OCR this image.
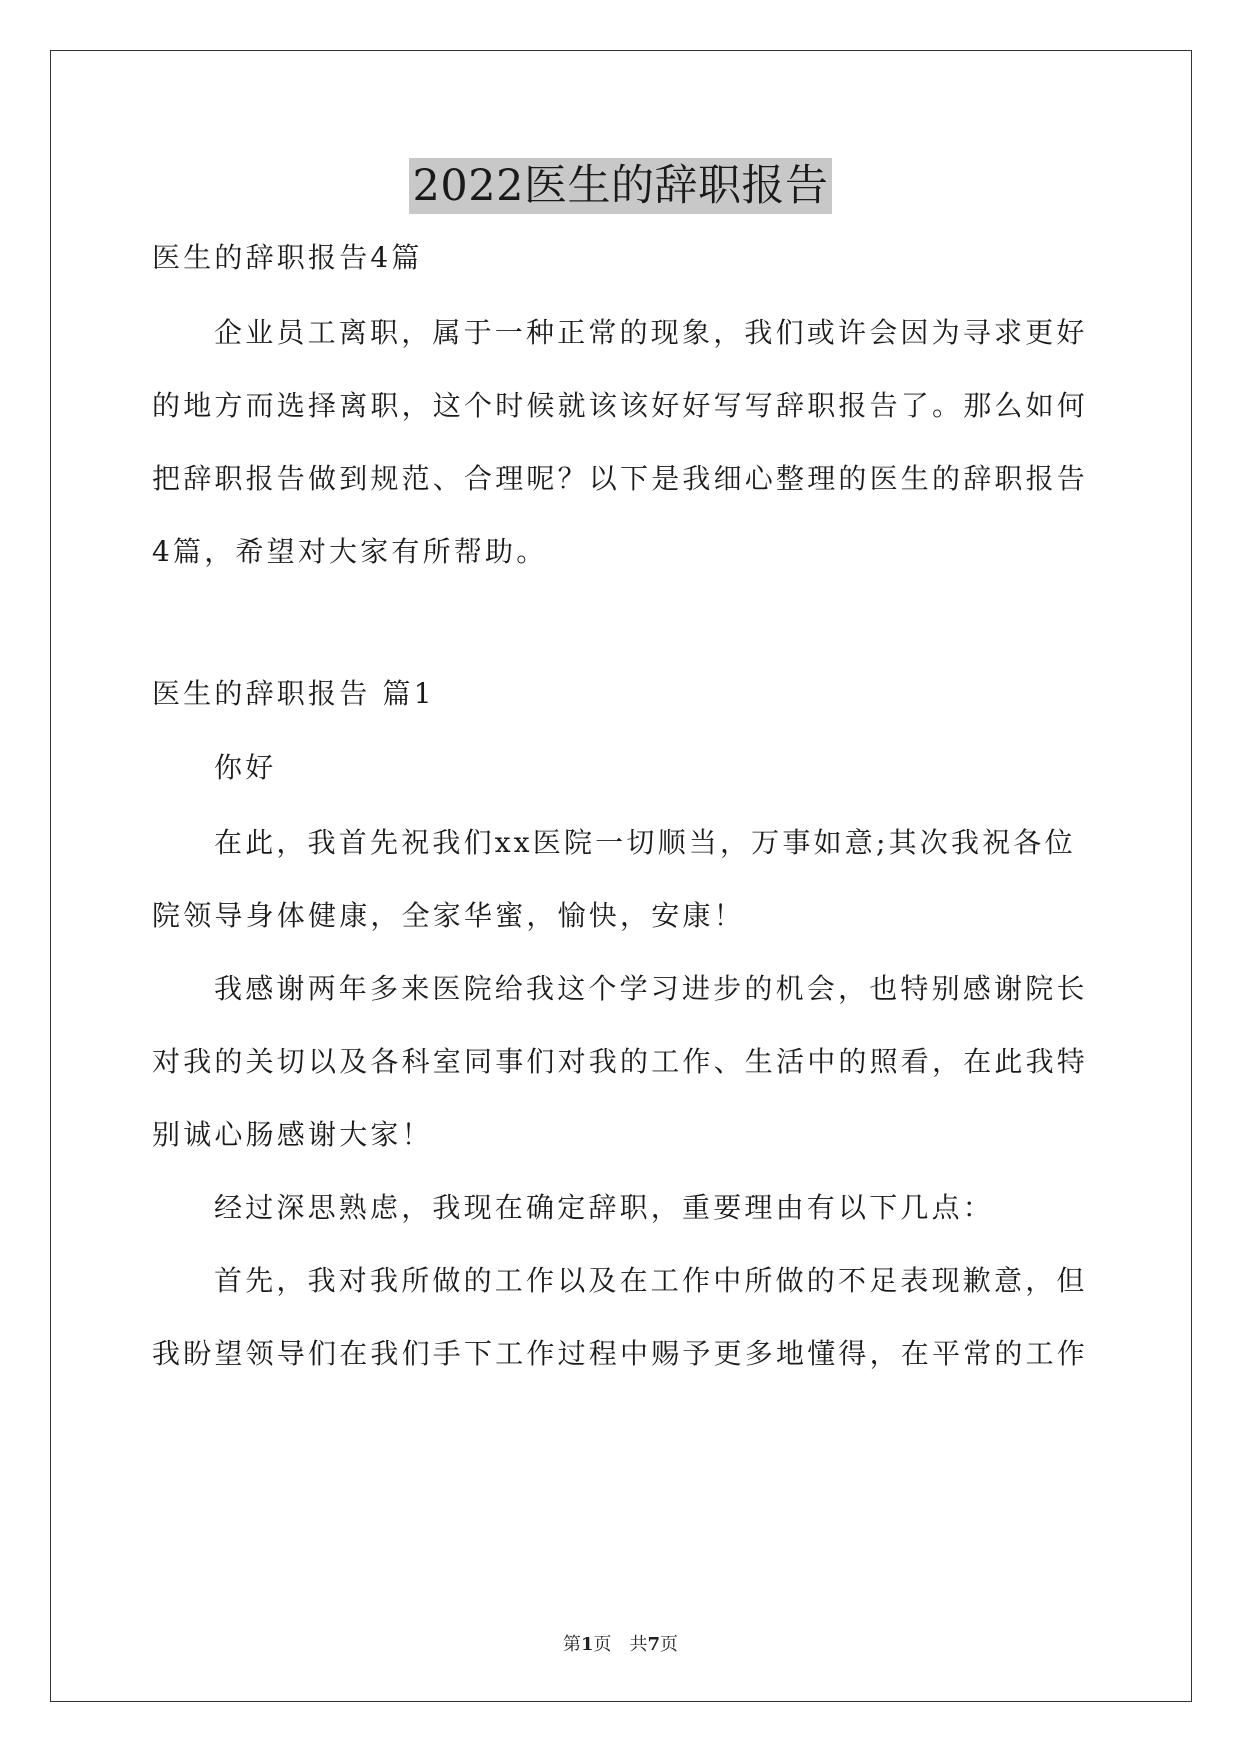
2022医生的辞职报告
医生的辞职报告4篇
企业员工离职，属于一种正常的现象，我们或许会因为寻求更好
的地方而选择离职，这个时候就该该好好写写辞职报告了。那么如何
把辞职报告做到规范、合理呢？以下是我细心整理的医生的辞职报告
4篇，希望对大家有所帮助。
医生的辞职报告 篇1
你好
在此，我首先祝我们xx医院一切顺当，万事如意;其次我祝各位
院领导身体健康，全家华蜜，愉快，安康！
我感谢两年多来医院给我这个学习进步的机会，也特别感谢院长
对我的关切以及各科室同事们对我的工作、生活中的照看，在此我特
别诚心肠感谢大家！
经过深思熟虑，我现在确定辞职，重要理由有以下几点：
首先，我对我所做的工作以及在工作中所做的不足表现歉意，但
我盼望领导们在我们手下工作过程中赐予更多地懂得，在平常的工作
第1页　共7页
